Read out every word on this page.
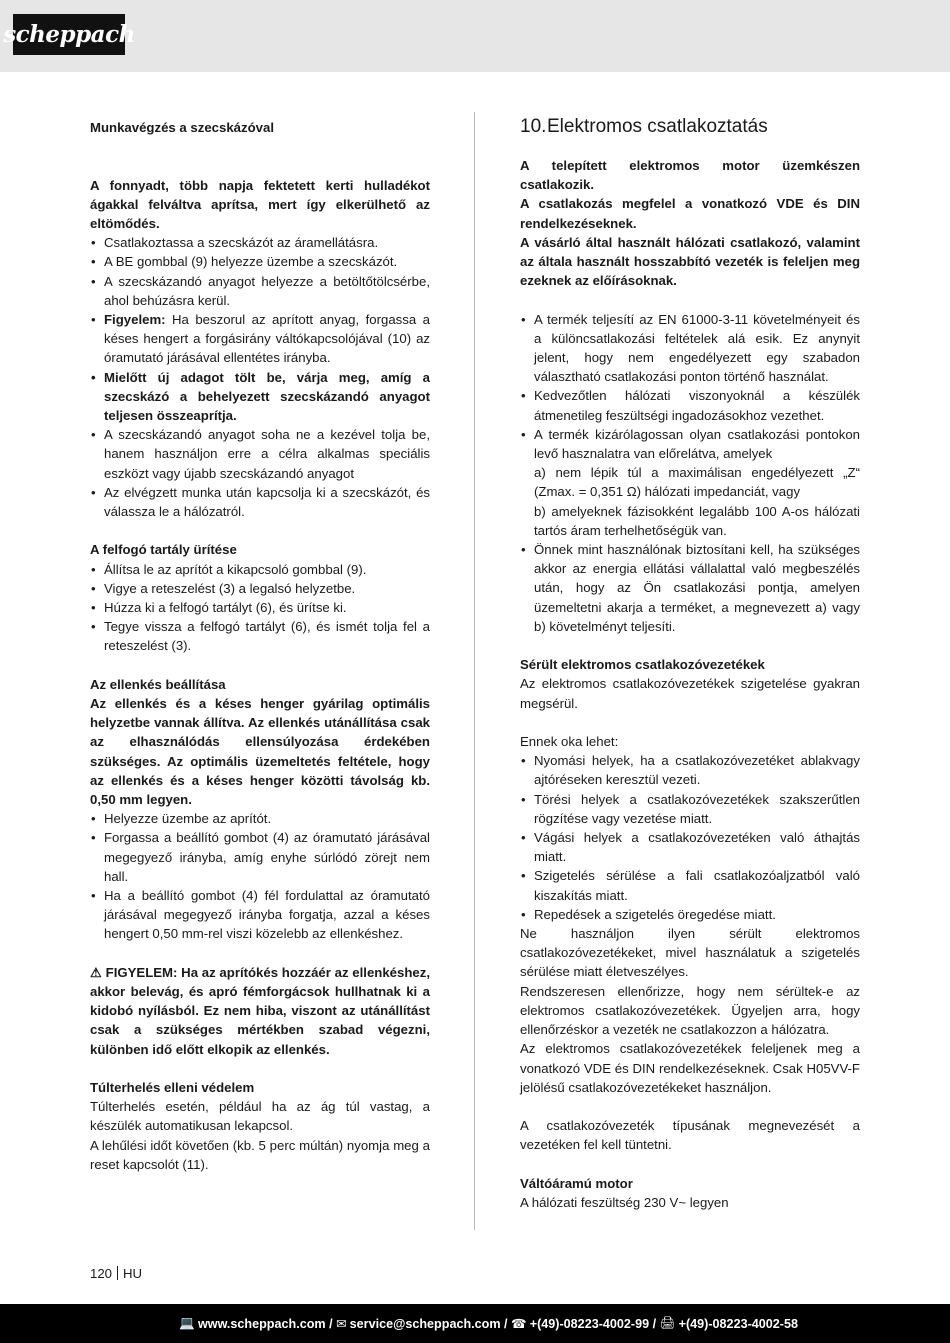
scheppach

Munkavégzés a szecskázóval

A fonnyadt, több napja fektetett kerti hulladékot ágakkal felváltva aprítsa, mert így elkerülhető az eltömődés.

• Csatlakoztassa a szecskázót az áramellátásra.
• A BE gombbal (9) helyezze üzembe a szecskázót.
• A szecskázandó anyagot helyezze a betöltőtölcsérbe, ahol behúzásra kerül.
• Figyelem: Ha beszorul az aprított anyag, forgassa a késes hengert a forgásirány váltókapcsolójával (10) az óramutató járásával ellentétes irányba.
• Mielőtt új adagot tölt be, várja meg, amíg a szecskázó a behelyezett szecskázandó anyagot teljesen összeaprítja.
• A szecskázandó anyagot soha ne a kezével tolja be, hanem használjon erre a célra alkalmas speciális eszközt vagy újabb szecskázandó anyagot
• Az elvégzett munka után kapcsolja ki a szecskázót, és válassza le a hálózatról.

A felfogó tartály ürítése

• Állítsa le az aprítót a kikapcsoló gombbal (9).
• Vigye a reteszelést (3) a legalsó helyzetbe.
• Húzza ki a felfogó tartályt (6), és ürítse ki.
• Tegye vissza a felfogó tartályt (6), és ismét tolja fel a reteszelést (3).

Az ellenkés beállítása

Az ellenkés és a késes henger gyárilag optimális helyzetbe vannak állítva. Az ellenkés utánállítása csak az elhasználódás ellensúlyozása érdekében szükséges. Az optimális üzemeltetés feltétele, hogy az ellenkés és a késes henger közötti távolság kb. 0,50 mm legyen.

• Helyezze üzembe az aprítót.
• Forgassa a beállító gombot (4) az óramutató járásával megegyező irányba, amíg enyhe súrlódó zörejt nem hall.
• Ha a beállító gombot (4) fél fordulattal az óramutató járásával megegyező irányba forgatja, azzal a késes hengert 0,50 mm-rel viszi közelebb az ellenkéshez.

⚠ FIGYELEM: Ha az aprítókés hozzáér az ellenkéshez, akkor belevág, és apró fémforgácsok hullhatnak ki a kidobó nyílásból. Ez nem hiba, viszont az utánállítást csak a szükséges mértékben szabad végezni, különben idő előtt elkopik az ellenkés.

Túlterhelés elleni védelem

Túlterhelés esetén, például ha az ág túl vastag, a készülék automatikusan lekapcsol.

A lehűlési időt követően (kb. 5 perc múltán) nyomja meg a reset kapcsolót (11).

10.Elektromos csatlakoztatás

A telepített elektromos motor üzemkészen csatlakozik.

A csatlakozás megfelel a vonatkozó VDE és DIN rendelkezéseknek.

A vásárló által használt hálózati csatlakozó, valamint az általa használt hosszabbító vezeték is feleljen meg ezeknek az előírásoknak.

• A termék teljesítí az EN 61000-3-11 követelményeit és a különcsatlakozási feltételek alá esik. Ez anynyit jelent, hogy nem engedélyezett egy szabadon választható csatlakozási ponton történő használat.
• Kedvezőtlen hálózati viszonyoknál a készülék átmenetileg feszültségi ingadozásokhoz vezethet.
• A termék kizárólagossan olyan csatlakozási pontokon levő hasznalatra van előrelátva, amelyek
a) nem lépik túl a maximálisan engedélyezett „Z“ (Zmax. = 0,351 Ω) hálózati impedanciát, vagy
b) amelyeknek fázisokként legalább 100 A-os hálózati tartós áram terhelhetőségük van.
• Önnek mint használónak biztosítani kell, ha szükséges akkor az energia ellátási vállalattal való megbeszélés után, hogy az Ön csatlakozási pontja, amelyen üzemeltetni akarja a terméket, a megnevezett a) vagy b) követelményt teljesíti.

Sérült elektromos csatlakozóvezetékek

Az elektromos csatlakozóvezetékek szigetelése gyakran megsérül.

Ennek oka lehet:

• Nyomási helyek, ha a csatlakozóvezetéket ablakvagy ajtóréseken keresztül vezeti.
• Törési helyek a csatlakozóvezetékek szakszerűtlen rögzítése vagy vezetése miatt.
• Vágási helyek a csatlakozóvezetéken való áthajtás miatt.
• Szigetelés sérülése a fali csatlakozóaljzatból való kiszakítás miatt.
• Repedések a szigetelés öregedése miatt.

Ne használjon ilyen sérült elektromos csatlakozóvezetékeket, mivel használatuk a szigetelés sérülése miatt életveszélyes.

Rendszeresen ellenőrizze, hogy nem sérültek-e az elektromos csatlakozóvezetékek. Ügyeljen arra, hogy ellenőrzéskor a vezeték ne csatlakozzon a hálózatra.

Az elektromos csatlakozóvezetékek feleljenek meg a vonatkozó VDE és DIN rendelkezéseknek. Csak H05VV-F jelölésű csatlakozóvezetékeket használjon.

A csatlakozóvezeték típusának megnevezését a vezetéken fel kell tüntetni.

Váltóáramú motor

A hálózati feszültség 230 V~ legyen

120 HU
💻 www.scheppach.com /
✉ service@scheppach.com /
☎ +(49)-08223-4002-99 /
🖨 +(49)-08223-4002-58
